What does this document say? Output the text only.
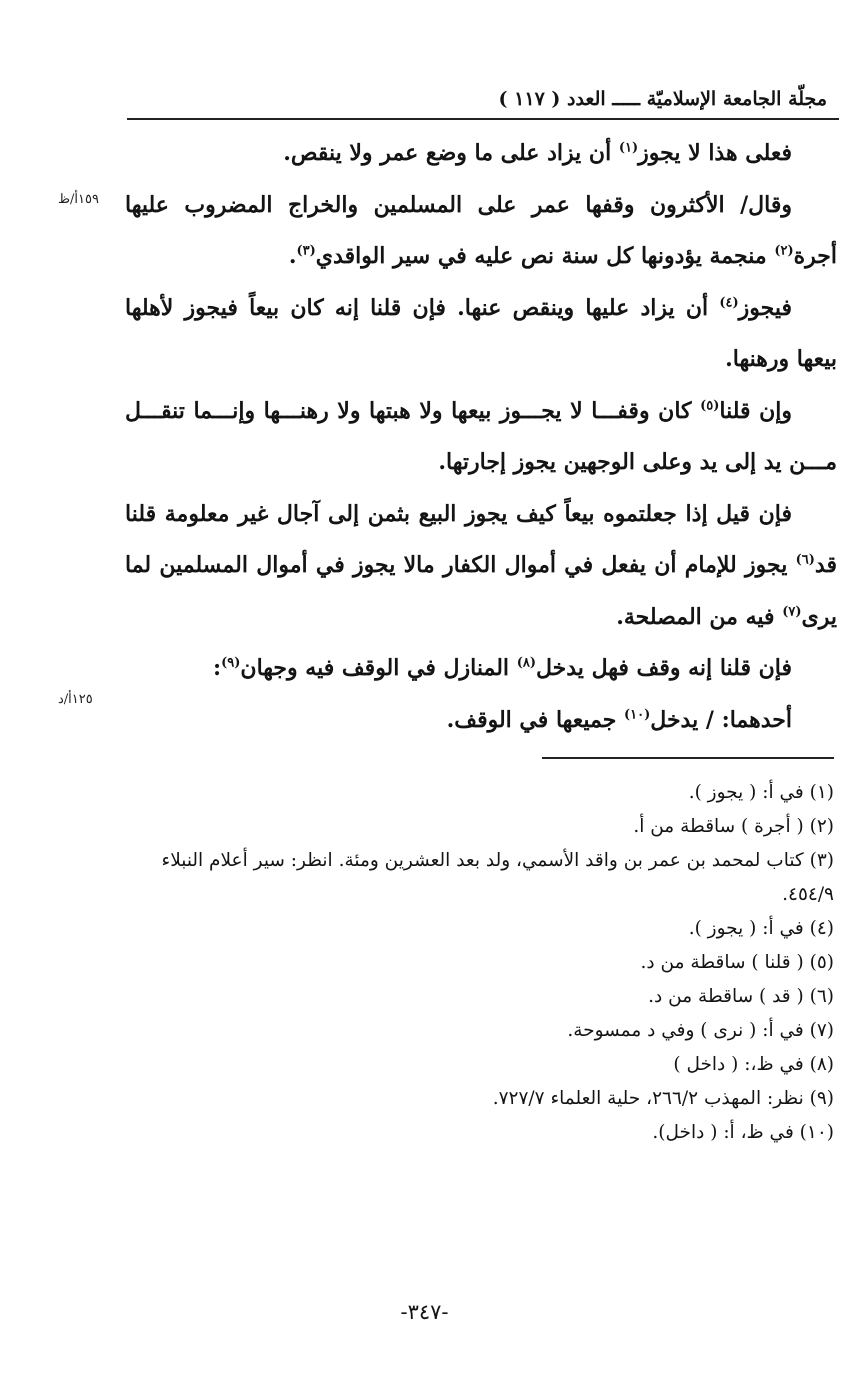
مجلّة الجامعة الإسلاميّة ـــــ العدد ( ١١٧ )
١٥٩أ/ظ
١٢٥أ/د

فعلى هذا لا يجوز$^{(١)}$ أن يزاد على ما وضع عمر ولا ينقص.

وقال/ الأكثرون وقفها عمر على المسلمين والخراج المضروب عليها أجرة$^{(٢)}$ منجمة يؤدونها كل سنة نص عليه في سير الواقدي$^{(٣)}$.

فيجوز$^{(٤)}$ أن يزاد عليها وينقص عنها. فإن قلنا إنه كان بيعاً فيجوز لأهلها بيعها ورهنها.

وإن قلنا$^{(٥)}$ كان وقفـــا لا يجـــوز بيعها ولا هبتها ولا رهنـــها وإنـــما تنقـــل مـــن يد إلى يد وعلى الوجهين يجوز إجارتها.

فإن قيل إذا جعلتموه بيعاً كيف يجوز البيع بثمن إلى آجال غير معلومة قلنا قد$^{(٦)}$ يجوز للإمام أن يفعل في أموال الكفار مالا يجوز في أموال المسلمين لما يرى$^{(٧)}$ فيه من المصلحة.

فإن قلنا إنه وقف فهل يدخل$^{(٨)}$ المنازل في الوقف فيه وجهان$^{(٩)}$:

أحدهما: / يدخل$^{(١٠)}$ جميعها في الوقف.

(١) في أ: ( يجوز ).
(٢) ( أجرة ) ساقطة من أ.
(٣) كتاب لمحمد بن عمر بن واقد الأسمي، ولد بعد العشرين ومئة. انظر: سير أعلام النبلاء ٤٥٤/٩.
(٤) في أ: ( يجوز ).
(٥) ( قلنا ) ساقطة من د.
(٦) ( قد ) ساقطة من د.
(٧) في أ: ( نرى ) وفي د ممسوحة.
(٨) في ظ،: ( داخل )
(٩) نظر: المهذب ٢٦٦/٢، حلية العلماء ٧٢٧/٧.
(١٠) في ظ، أ: ( داخل).
-٣٤٧-
